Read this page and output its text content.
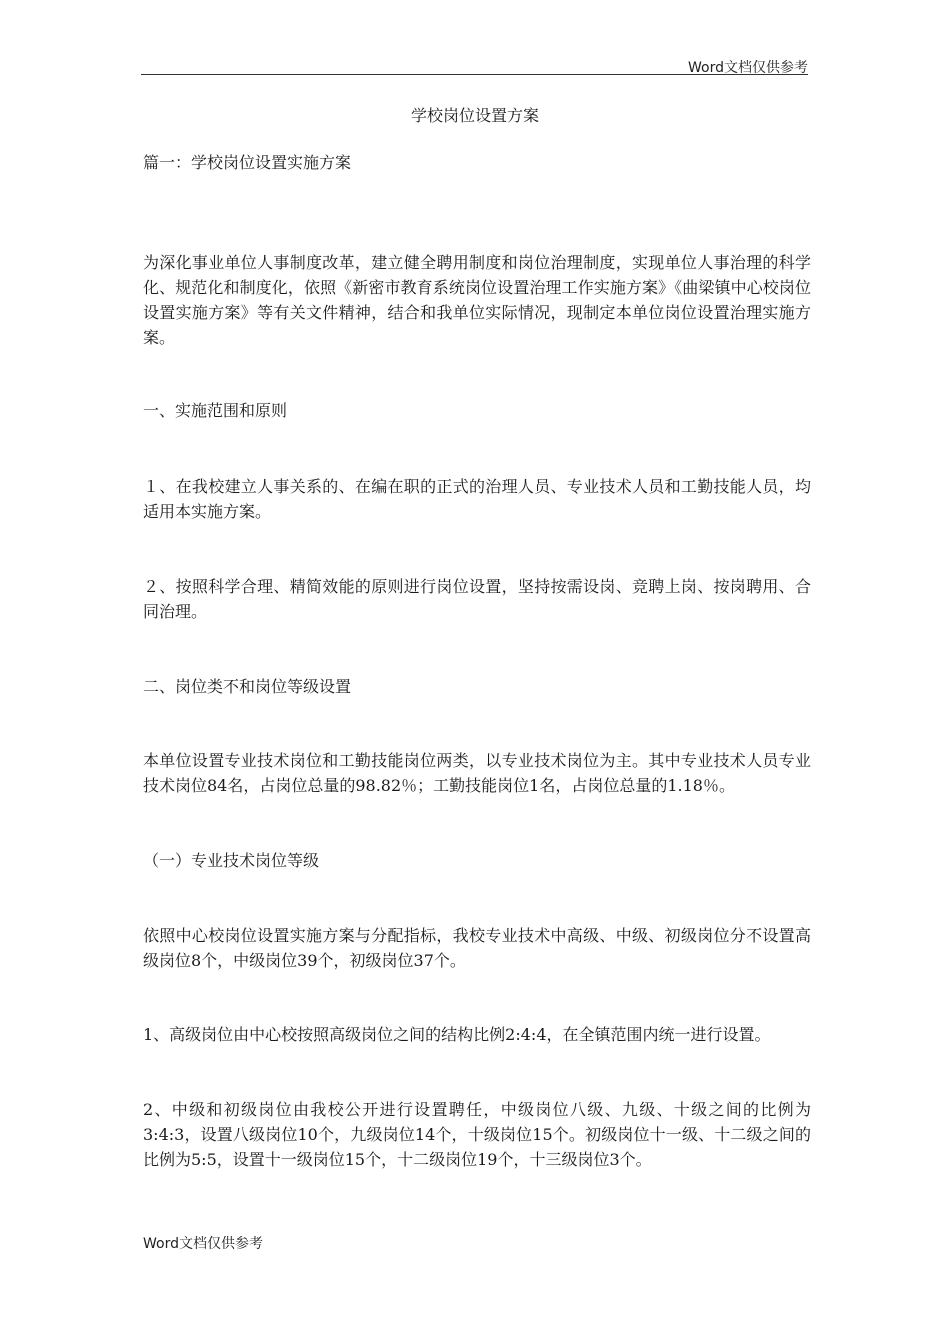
Word文档仅供参考
学校岗位设置方案

篇一：学校岗位设置实施方案

为深化事业单位人事制度改革，建立健全聘用制度和岗位治理制度，实现单位人事治理的科学化、规范化和制度化，依照《新密市教育系统岗位设置治理工作实施方案》《曲梁镇中心校岗位设置实施方案》等有关文件精神，结合和我单位实际情况，现制定本单位岗位设置治理实施方案。

一、实施范围和原则

１、在我校建立人事关系的、在编在职的正式的治理人员、专业技术人员和工勤技能人员，均适用本实施方案。

２、按照科学合理、精简效能的原则进行岗位设置，坚持按需设岗、竞聘上岗、按岗聘用、合同治理。

二、岗位类不和岗位等级设置

本单位设置专业技术岗位和工勤技能岗位两类，以专业技术岗位为主。其中专业技术人员专业技术岗位84名，占岗位总量的98.82％；工勤技能岗位1名，占岗位总量的1.18％。

（一）专业技术岗位等级

依照中心校岗位设置实施方案与分配指标，我校专业技术中高级、中级、初级岗位分不设置高级岗位8个，中级岗位39个，初级岗位37个。

1、高级岗位由中心校按照高级岗位之间的结构比例2:4:4，在全镇范围内统一进行设置。

2、中级和初级岗位由我校公开进行设置聘任，中级岗位八级、九级、十级之间的比例为3:4:3，设置八级岗位10个，九级岗位14个，十级岗位15个。初级岗位十一级、十二级之间的比例为5:5，设置十一级岗位15个，十二级岗位19个，十三级岗位3个。

Word文档仅供参考
